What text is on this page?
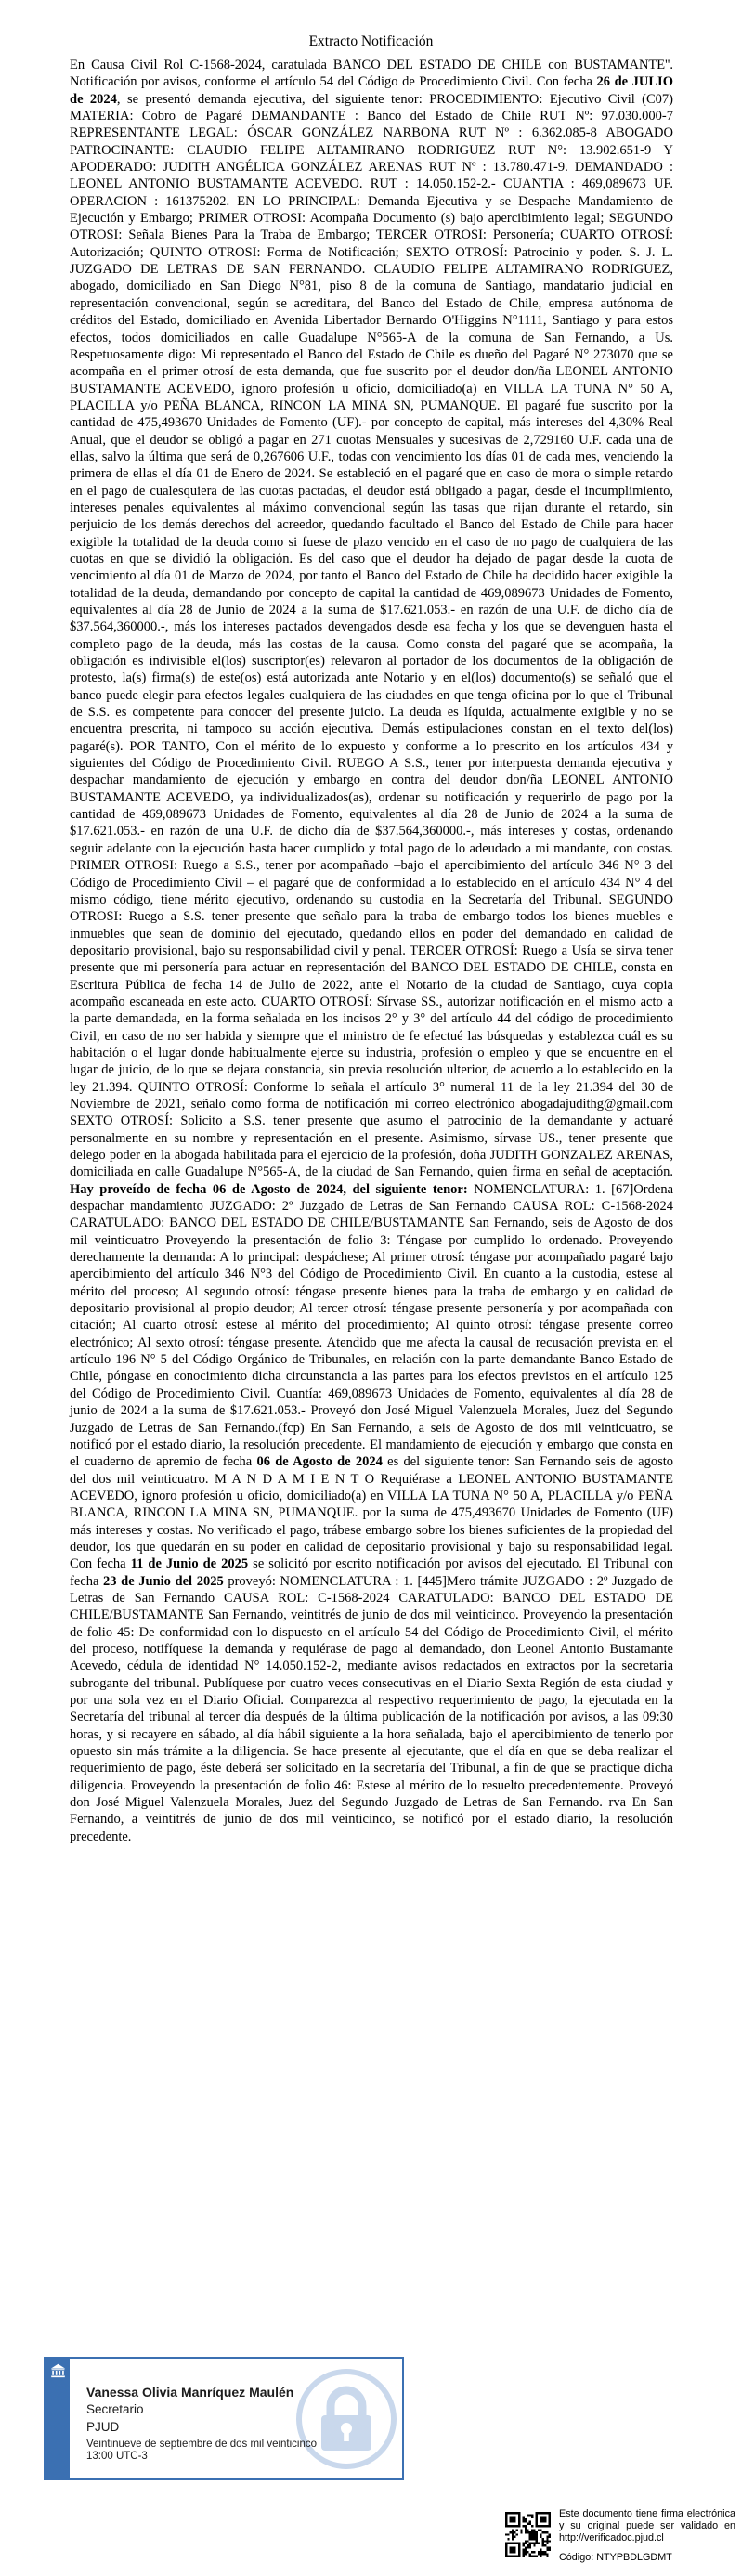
Extracto Notificación

En Causa Civil Rol C-1568-2024, caratulada BANCO DEL ESTADO DE CHILE con BUSTAMANTE''. Notificación por avisos, conforme el artículo 54 del Código de Procedimiento Civil. Con fecha 26 de JULIO de 2024, se presentó demanda ejecutiva, del siguiente tenor: PROCEDIMIENTO: Ejecutivo Civil (C07) MATERIA: Cobro de Pagaré DEMANDANTE : Banco del Estado de Chile RUT Nº: 97.030.000-7 REPRESENTANTE LEGAL: ÓSCAR GONZÁLEZ NARBONA RUT Nº : 6.362.085-8 ABOGADO PATROCINANTE: CLAUDIO FELIPE ALTAMIRANO RODRIGUEZ RUT N°: 13.902.651-9 Y APODERADO: JUDITH ANGÉLICA GONZÁLEZ ARENAS RUT Nº : 13.780.471-9. DEMANDADO : LEONEL ANTONIO BUSTAMANTE ACEVEDO. RUT : 14.050.152-2.- CUANTIA : 469,089673 UF. OPERACION : 161375202. EN LO PRINCIPAL: Demanda Ejecutiva y se Despache Mandamiento de Ejecución y Embargo; PRIMER OTROSI: Acompaña Documento (s) bajo apercibimiento legal; SEGUNDO OTROSI: Señala Bienes Para la Traba de Embargo; TERCER OTROSI: Personería; CUARTO OTROSÍ: Autorización; QUINTO OTROSI: Forma de Notificación; SEXTO OTROSÍ: Patrocinio y poder. S. J. L. JUZGADO DE LETRAS DE SAN FERNANDO. CLAUDIO FELIPE ALTAMIRANO RODRIGUEZ, abogado, domiciliado en San Diego N°81, piso 8 de la comuna de Santiago, mandatario judicial en representación convencional, según se acreditara, del Banco del Estado de Chile, empresa autónoma de créditos del Estado, domiciliado en Avenida Libertador Bernardo O'Higgins N°1111, Santiago y para estos efectos, todos domiciliados en calle Guadalupe N°565-A de la comuna de San Fernando, a Us. Respetuosamente digo: Mi representado el Banco del Estado de Chile es dueño del Pagaré N° 273070 que se acompaña en el primer otrosí de esta demanda, que fue suscrito por el deudor don/ña LEONEL ANTONIO BUSTAMANTE ACEVEDO, ignoro profesión u oficio, domiciliado(a) en VILLA LA TUNA N° 50 A, PLACILLA y/o PEÑA BLANCA, RINCON LA MINA SN, PUMANQUE. El pagaré fue suscrito por la cantidad de 475,493670 Unidades de Fomento (UF).- por concepto de capital, más intereses del 4,30% Real Anual, que el deudor se obligó a pagar en 271 cuotas Mensuales y sucesivas de 2,729160 U.F. cada una de ellas, salvo la última que será de 0,267606 U.F., todas con vencimiento los días 01 de cada mes, venciendo la primera de ellas el día 01 de Enero de 2024. Se estableció en el pagaré que en caso de mora o simple retardo en el pago de cualesquiera de las cuotas pactadas, el deudor está obligado a pagar, desde el incumplimiento, intereses penales equivalentes al máximo convencional según las tasas que rijan durante el retardo, sin perjuicio de los demás derechos del acreedor, quedando facultado el Banco del Estado de Chile para hacer exigible la totalidad de la deuda como si fuese de plazo vencido en el caso de no pago de cualquiera de las cuotas en que se dividió la obligación. Es del caso que el deudor ha dejado de pagar desde la cuota de vencimiento al día 01 de Marzo de 2024, por tanto el Banco del Estado de Chile ha decidido hacer exigible la totalidad de la deuda, demandando por concepto de capital la cantidad de 469,089673 Unidades de Fomento, equivalentes al día 28 de Junio de 2024 a la suma de $17.621.053.- en razón de una U.F. de dicho día de $37.564,360000.-, más los intereses pactados devengados desde esa fecha y los que se devenguen hasta el completo pago de la deuda, más las costas de la causa. Como consta del pagaré que se acompaña, la obligación es indivisible el(los) suscriptor(es) relevaron al portador de los documentos de la obligación de protesto, la(s) firma(s) de este(os) está autorizada ante Notario y en el(los) documento(s) se señaló que el banco puede elegir para efectos legales cualquiera de las ciudades en que tenga oficina por lo que el Tribunal de S.S. es competente para conocer del presente juicio. La deuda es líquida, actualmente exigible y no se encuentra prescrita, ni tampoco su acción ejecutiva. Demás estipulaciones constan en el texto del(los) pagaré(s). POR TANTO, Con el mérito de lo expuesto y conforme a lo prescrito en los artículos 434 y siguientes del Código de Procedimiento Civil. RUEGO A S.S., tener por interpuesta demanda ejecutiva y despachar mandamiento de ejecución y embargo en contra del deudor don/ña LEONEL ANTONIO BUSTAMANTE ACEVEDO, ya individualizados(as), ordenar su notificación y requerirlo de pago por la cantidad de 469,089673 Unidades de Fomento, equivalentes al día 28 de Junio de 2024 a la suma de $17.621.053.- en razón de una U.F. de dicho día de $37.564,360000.-, más intereses y costas, ordenando seguir adelante con la ejecución hasta hacer cumplido y total pago de lo adeudado a mi mandante, con costas. PRIMER OTROSI: Ruego a S.S., tener por acompañado –bajo el apercibimiento del artículo 346 N° 3 del Código de Procedimiento Civil – el pagaré que de conformidad a lo establecido en el artículo 434 N° 4 del mismo código, tiene mérito ejecutivo, ordenando su custodia en la Secretaría del Tribunal. SEGUNDO OTROSI: Ruego a S.S. tener presente que señalo para la traba de embargo todos los bienes muebles e inmuebles que sean de dominio del ejecutado, quedando ellos en poder del demandado en calidad de depositario provisional, bajo su responsabilidad civil y penal. TERCER OTROSÍ: Ruego a Usía se sirva tener presente que mi personería para actuar en representación del BANCO DEL ESTADO DE CHILE, consta en Escritura Pública de fecha 14 de Julio de 2022, ante el Notario de la ciudad de Santiago, cuya copia acompaño escaneada en este acto. CUARTO OTROSÍ: Sírvase SS., autorizar notificación en el mismo acto a la parte demandada, en la forma señalada en los incisos 2° y 3° del artículo 44 del código de procedimiento Civil, en caso de no ser habida y siempre que el ministro de fe efectué las búsquedas y establezca cuál es su habitación o el lugar donde habitualmente ejerce su industria, profesión o empleo y que se encuentre en el lugar de juicio, de lo que se dejara constancia, sin previa resolución ulterior, de acuerdo a lo establecido en la ley 21.394. QUINTO OTROSÍ: Conforme lo señala el artículo 3° numeral 11 de la ley 21.394 del 30 de Noviembre de 2021, señalo como forma de notificación mi correo electrónico abogadajudithg@gmail.com SEXTO OTROSÍ: Solicito a S.S. tener presente que asumo el patrocinio de la demandante y actuaré personalmente en su nombre y representación en el presente. Asimismo, sírvase US., tener presente que delego poder en la abogada habilitada para el ejercicio de la profesión, doña JUDITH GONZALEZ ARENAS, domiciliada en calle Guadalupe N°565-A, de la ciudad de San Fernando, quien firma en señal de aceptación. Hay proveído de fecha 06 de Agosto de 2024, del siguiente tenor: NOMENCLATURA: 1. [67]Ordena despachar mandamiento JUZGADO: 2º Juzgado de Letras de San Fernando CAUSA ROL: C-1568-2024 CARATULADO: BANCO DEL ESTADO DE CHILE/BUSTAMANTE San Fernando, seis de Agosto de dos mil veinticuatro Proveyendo la presentación de folio 3: Téngase por cumplido lo ordenado. Proveyendo derechamente la demanda: A lo principal: despáchese; Al primer otrosí: téngase por acompañado pagaré bajo apercibimiento del artículo 346 N°3 del Código de Procedimiento Civil. En cuanto a la custodia, estese al mérito del proceso; Al segundo otrosí: téngase presente bienes para la traba de embargo y en calidad de depositario provisional al propio deudor; Al tercer otrosí: téngase presente personería y por acompañada con citación; Al cuarto otrosí: estese al mérito del procedimiento; Al quinto otrosí: téngase presente correo electrónico; Al sexto otrosí: téngase presente. Atendido que me afecta la causal de recusación prevista en el artículo 196 N° 5 del Código Orgánico de Tribunales, en relación con la parte demandante Banco Estado de Chile, póngase en conocimiento dicha circunstancia a las partes para los efectos previstos en el artículo 125 del Código de Procedimiento Civil. Cuantía: 469,089673 Unidades de Fomento, equivalentes al día 28 de junio de 2024 a la suma de $17.621.053.- Proveyó don José Miguel Valenzuela Morales, Juez del Segundo Juzgado de Letras de San Fernando.(fcp) En San Fernando, a seis de Agosto de dos mil veinticuatro, se notificó por el estado diario, la resolución precedente. El mandamiento de ejecución y embargo que consta en el cuaderno de apremio de fecha 06 de Agosto de 2024 es del siguiente tenor: San Fernando seis de agosto del dos mil veinticuatro. M A N D A M I E N T O Requiérase a LEONEL ANTONIO BUSTAMANTE ACEVEDO, ignoro profesión u oficio, domiciliado(a) en VILLA LA TUNA N° 50 A, PLACILLA y/o PEÑA BLANCA, RINCON LA MINA SN, PUMANQUE. por la suma de 475,493670 Unidades de Fomento (UF) más intereses y costas. No verificado el pago, trábese embargo sobre los bienes suficientes de la propiedad del deudor, los que quedarán en su poder en calidad de depositario provisional y bajo su responsabilidad legal. Con fecha 11 de Junio de 2025 se solicitó por escrito notificación por avisos del ejecutado. El Tribunal con fecha 23 de Junio del 2025 proveyó: NOMENCLATURA : 1. [445]Mero trámite JUZGADO : 2º Juzgado de Letras de San Fernando CAUSA ROL: C-1568-2024 CARATULADO: BANCO DEL ESTADO DE CHILE/BUSTAMANTE San Fernando, veintitrés de junio de dos mil veinticinco. Proveyendo la presentación de folio 45: De conformidad con lo dispuesto en el artículo 54 del Código de Procedimiento Civil, el mérito del proceso, notifíquese la demanda y requiérase de pago al demandado, don Leonel Antonio Bustamante Acevedo, cédula de identidad N° 14.050.152-2, mediante avisos redactados en extractos por la secretaria subrogante del tribunal. Publíquese por cuatro veces consecutivas en el Diario Sexta Región de esta ciudad y por una sola vez en el Diario Oficial. Comparezca al respectivo requerimiento de pago, la ejecutada en la Secretaría del tribunal al tercer día después de la última publicación de la notificación por avisos, a las 09:30 horas, y si recayere en sábado, al día hábil siguiente a la hora señalada, bajo el apercibimiento de tenerlo por opuesto sin más trámite a la diligencia. Se hace presente al ejecutante, que el día en que se deba realizar el requerimiento de pago, éste deberá ser solicitado en la secretaría del Tribunal, a fin de que se practique dicha diligencia. Proveyendo la presentación de folio 46: Estese al mérito de lo resuelto precedentemente. Proveyó don José Miguel Valenzuela Morales, Juez del Segundo Juzgado de Letras de San Fernando. rva En San Fernando, a veintitrés de junio de dos mil veinticinco, se notificó por el estado diario, la resolución precedente.

Vanessa Olivia Manríquez Maulén
Secretario
PJUD
Veintinueve de septiembre de dos mil veinticinco
13:00 UTC-3

Este documento tiene firma electrónica y su original puede ser validado en http://verificadoc.pjud.cl

Código: NTYPBDLGDMT
